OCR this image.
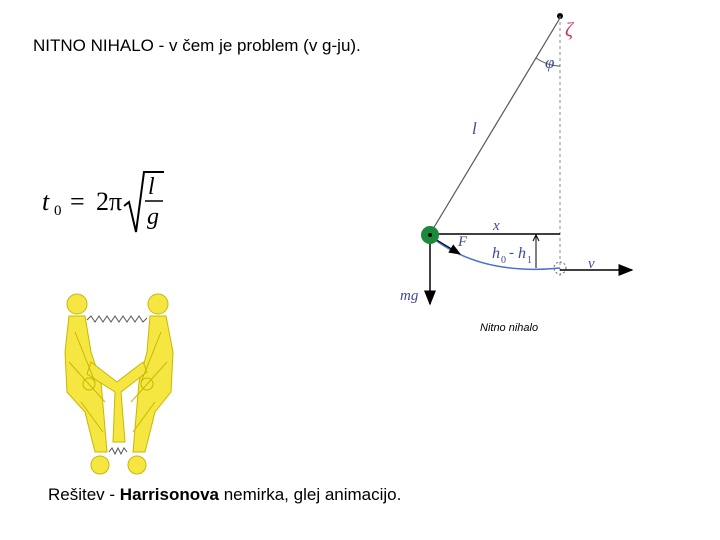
NITNO NIHALO - v čem je problem (v g-ju).
t 0 = 2π l
g
ζ
φ
l
x
h 0 - h 1	v
F
mg
Nitno nihalo
Rešitev - Harrisonova nemirka, glej animacijo.
